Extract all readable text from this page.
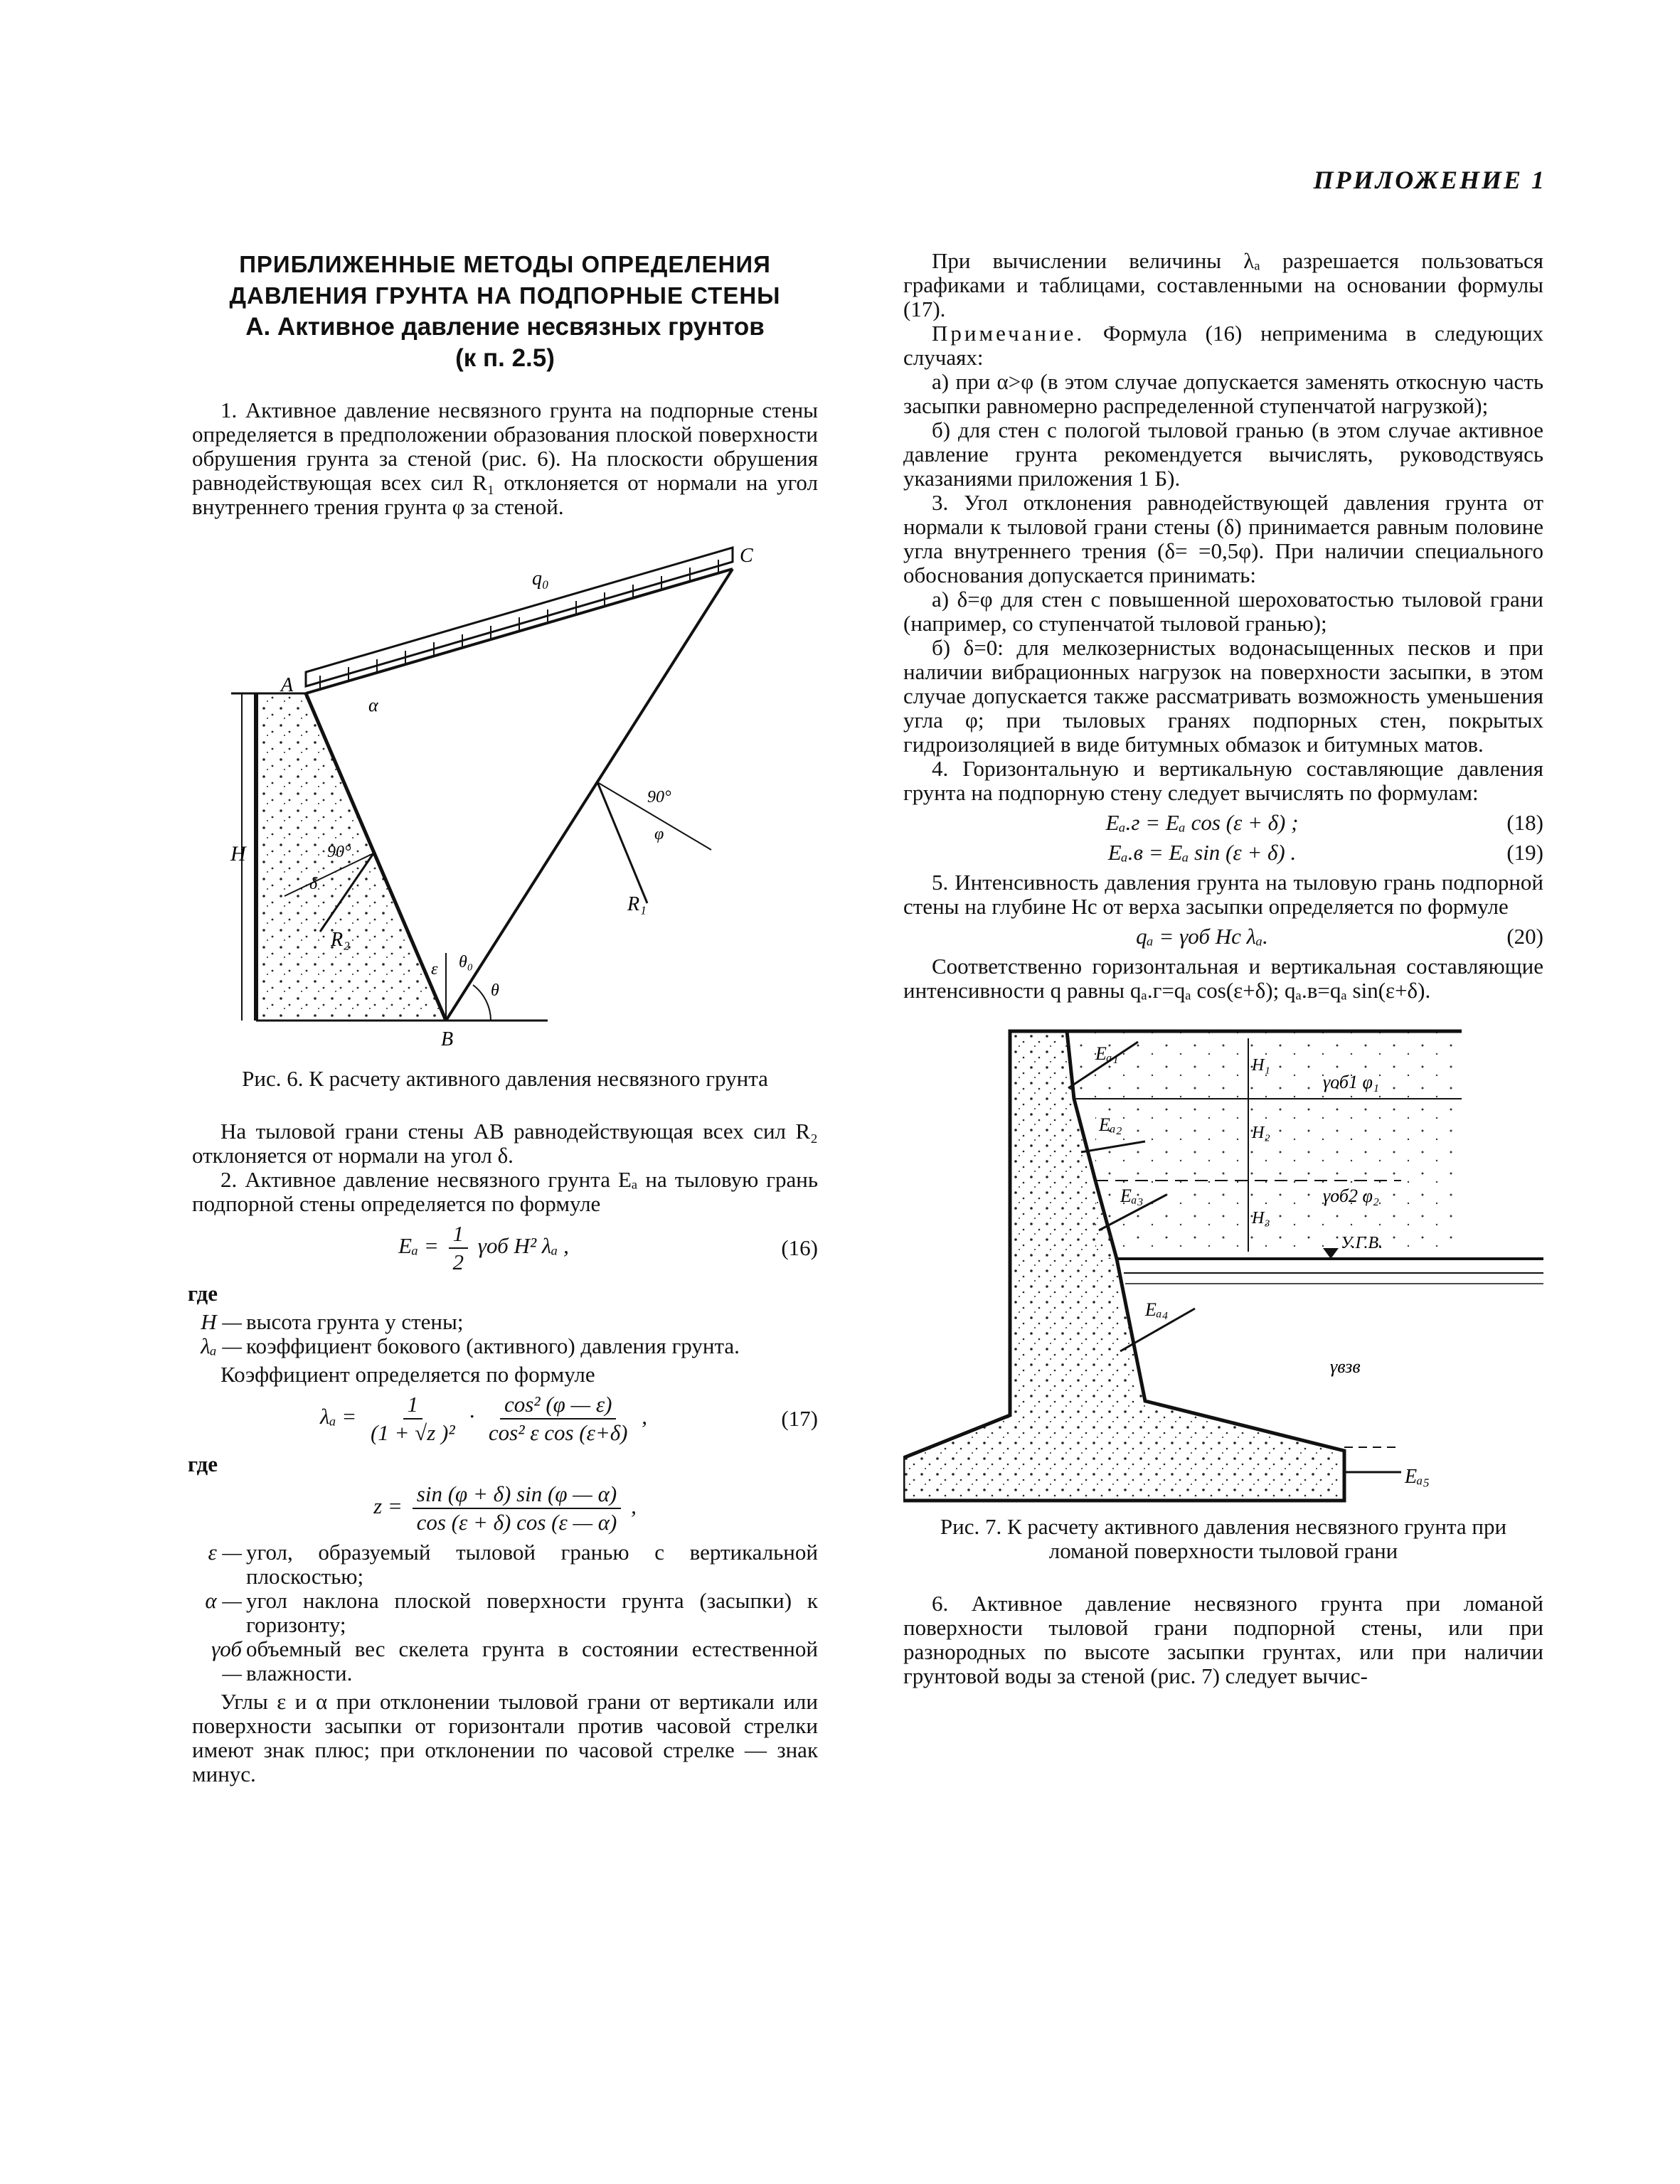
ПРИЛОЖЕНИЕ 1
ПРИБЛИЖЕННЫЕ МЕТОДЫ ОПРЕДЕЛЕНИЯ
ДАВЛЕНИЯ ГРУНТА НА ПОДПОРНЫЕ СТЕНЫ
А. Активное давление несвязных грунтов
(к п. 2.5)

1. Активное давление несвязного грунта на подпорные стены определяется в предположении образования плоской поверхности обрушения грунта за стеной (рис. 6). На плоскости обрушения равнодействующая всех сил R₁ отклоняется от нормали на угол внутреннего трения грунта φ за стеной.

H
q₀
A
C
α
90°
φ
R₁
90°
δ
R₂
ε θ₀
θ
B
Рис. 6. К расчету активного давления несвязного грунта

На тыловой грани стены AB равнодействующая всех сил R₂ отклоняется от нормали на угол δ.

2. Активное давление несвязного грунта Eₐ на тыловую грань подпорной стены определяется по формуле

$E_a = \frac{1}{2}$ γоб H² λₐ ,	(16)
где
H — высота грунта у стены;
λₐ — коэффициент бокового (активного) давления грунта.

Коэффициент определяется по формуле

$\lambda_a = \frac{1}{\text{(1 + √z )²}} \cdot \frac{\text{cos² (φ — ε)}}{\text{cos² ε cos (ε+δ)}}$ ,	(17)
где
$z = \frac{\sin (\varphi + \delta) \sin (\varphi — \alpha)}{\cos (\varepsilon + \delta) \cos (\varepsilon — \alpha)}$ ,
ε — угол, образуемый тыловой гранью с вертикальной плоскостью;
α — угол наклона плоской поверхности грунта (засыпки) к горизонту;
γоб —
объемный вес скелета грунта в состоянии естественной влажности.

Углы ε и α при отклонении тыловой грани от вертикали или поверхности засыпки от горизонтали против часовой стрелки имеют знак плюс; при отклонении по часовой стрелке — знак минус.

При вычислении величины λₐ разрешается пользоваться графиками и таблицами, составленными на основании формулы (17).

Примечание. Формула (16) неприменима в следующих случаях:

а) при α>φ (в этом случае допускается заменять откосную часть засыпки равномерно распределенной ступенчатой нагрузкой);

б) для стен с пологой тыловой гранью (в этом случае активное давление грунта рекомендуется вычислять, руководствуясь указаниями приложения 1 Б).

3. Угол отклонения равнодействующей давления грунта от нормали к тыловой грани стены (δ) принимается равным половине угла внутреннего трения (δ= =0,5φ). При наличии специального обоснования допускается принимать:

а) δ=φ для стен с повышенной шероховатостью тыловой грани (например, со ступенчатой тыловой гранью);

б) δ=0: для мелкозернистых водонасыщенных песков и при наличии вибрационных нагрузок на поверхности засыпки, в этом случае допускается также рассматривать возможность уменьшения угла φ; при тыловых гранях подпорных стен, покрытых гидроизоляцией в виде битумных обмазок и битумных матов.

4. Горизонтальную и вертикальную составляющие давления грунта на подпорную стену следует вычислять по формулам:

Eₐ.г = Eₐ cos (ε + δ) ;	(18)
Eₐ.в = Eₐ sin (ε + δ) .	(19)

5. Интенсивность давления грунта на тыловую грань подпорной стены на глубине Hс от верха засыпки определяется по формуле

qₐ = γоб Hс λₐ.	(20)

Соответственно горизонтальная и вертикальная составляющие интенсивности q равны qₐ.г=qₐ cos(ε+δ); qₐ.в=qₐ sin(ε+δ).

У.Г.В.
H₁
H₂
H₃
γоб1 φ₁
γоб2 φ₂
γвзв
Eₐ₁
Eₐ₂
Eₐ₃
Eₐ₄
Eₐ₅
Рис. 7. К расчету активного давления несвязного грунта при ломаной поверхности тыловой грани

6. Активное давление несвязного грунта при ломаной поверхности тыловой грани подпорной стены, или при разнородных по высоте засыпки грунтах, или при наличии грунтовой воды за стеной (рис. 7) следует вычис-
